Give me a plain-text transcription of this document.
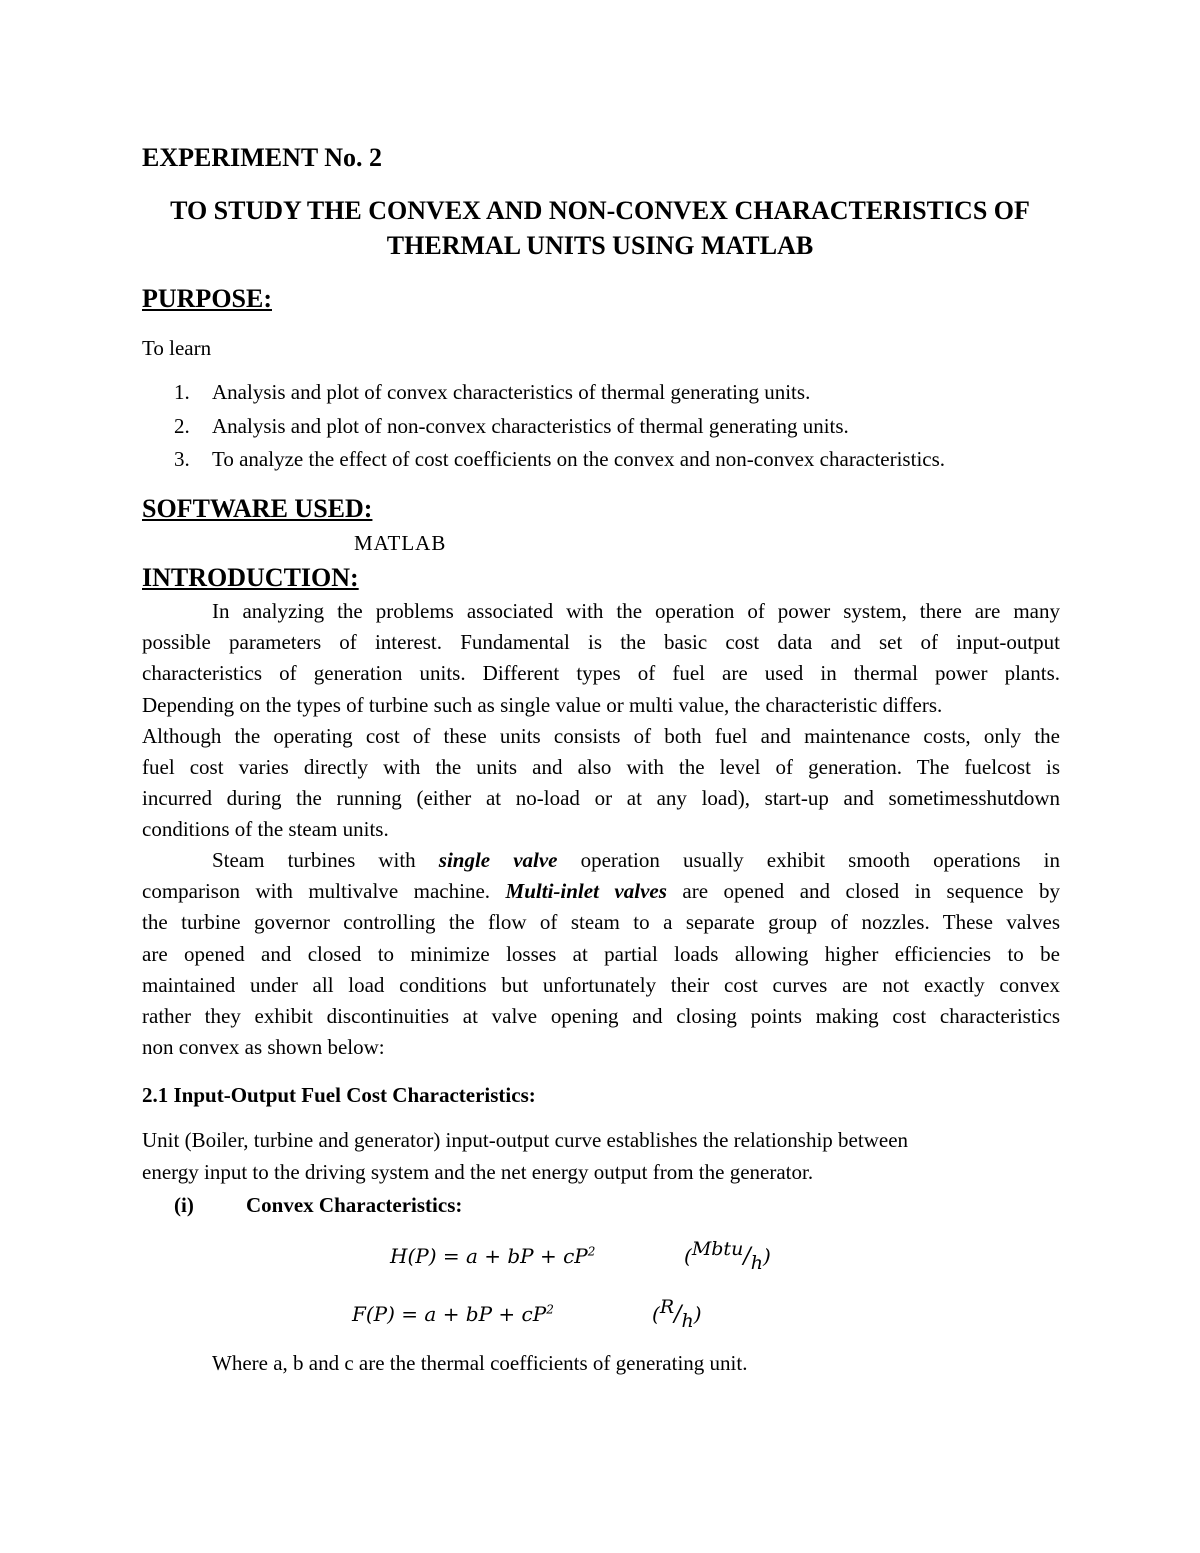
EXPERIMENT No. 2
TO STUDY THE CONVEX AND NON-CONVEX CHARACTERISTICS OF
THERMAL UNITS USING MATLAB
PURPOSE:
To learn
1. Analysis and plot of convex characteristics of thermal generating units.
2. Analysis and plot of non-convex characteristics of thermal generating units.
3. To analyze the effect of cost coefficients on the convex and non-convex characteristics.
SOFTWARE USED:
MATLAB
INTRODUCTION:
In analyzing the problems associated with the operation of power system, there are many
possible parameters of interest. Fundamental is the basic cost data and set of input-output
characteristics of generation units. Different types of fuel are used in thermal power plants.
Depending on the types of turbine such as single value or multi value, the characteristic differs.
Although the operating cost of these units consists of both fuel and maintenance costs, only the
fuel cost varies directly with the units and also with the level of generation. The fuelcost is
incurred during the running (either at no-load or at any load), start-up and sometimesshutdown
conditions of the steam units.
Steam turbines with single valve operation usually exhibit smooth operations in
comparison with multivalve machine. Multi-inlet valves are opened and closed in sequence by
the turbine governor controlling the flow of steam to a separate group of nozzles. These valves
are opened and closed to minimize losses at partial loads allowing higher efficiencies to be
maintained under all load conditions but unfortunately their cost curves are not exactly convex
rather they exhibit discontinuities at valve opening and closing points making cost characteristics
non convex as shown below:
2.1 Input-Output Fuel Cost Characteristics:
Unit (Boiler, turbine and generator) input-output curve establishes the relationship between
energy input to the driving system and the net energy output from the generator.
(i) Convex Characteristics:
H(P) = a + bP + $cP^2$	(Mbtu/h)
F(P) = a + bP + $cP^2$	(R/h)
Where a, b and c are the thermal coefficients of generating unit.
